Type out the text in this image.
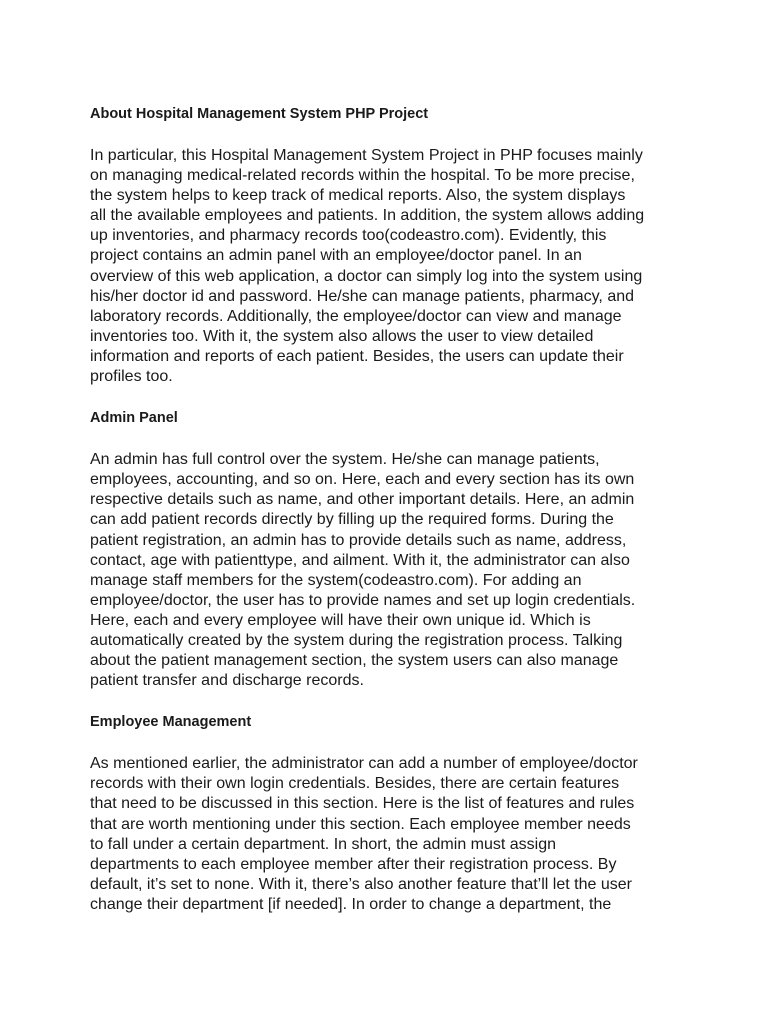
About Hospital Management System PHP Project

In particular, this Hospital Management System Project in PHP focuses mainly
on managing medical-related records within the hospital. To be more precise,
the system helps to keep track of medical reports. Also, the system displays
all the available employees and patients. In addition, the system allows adding
up inventories, and pharmacy records too(codeastro.com). Evidently, this
project contains an admin panel with an employee/doctor panel. In an
overview of this web application, a doctor can simply log into the system using
his/her doctor id and password. He/she can manage patients, pharmacy, and
laboratory records. Additionally, the employee/doctor can view and manage
inventories too. With it, the system also allows the user to view detailed
information and reports of each patient. Besides, the users can update their
profiles too.

Admin Panel

An admin has full control over the system. He/she can manage patients,
employees, accounting, and so on. Here, each and every section has its own
respective details such as name, and other important details. Here, an admin
can add patient records directly by filling up the required forms. During the
patient registration, an admin has to provide details such as name, address,
contact, age with patienttype, and ailment. With it, the administrator can also
manage staff members for the system(codeastro.com). For adding an
employee/doctor, the user has to provide names and set up login credentials.
Here, each and every employee will have their own unique id. Which is
automatically created by the system during the registration process. Talking
about the patient management section, the system users can also manage
patient transfer and discharge records.

Employee Management

As mentioned earlier, the administrator can add a number of employee/doctor
records with their own login credentials. Besides, there are certain features
that need to be discussed in this section. Here is the list of features and rules
that are worth mentioning under this section. Each employee member needs
to fall under a certain department. In short, the admin must assign
departments to each employee member after their registration process. By
default, it’s set to none. With it, there’s also another feature that’ll let the user
change their department [if needed]. In order to change a department, the
